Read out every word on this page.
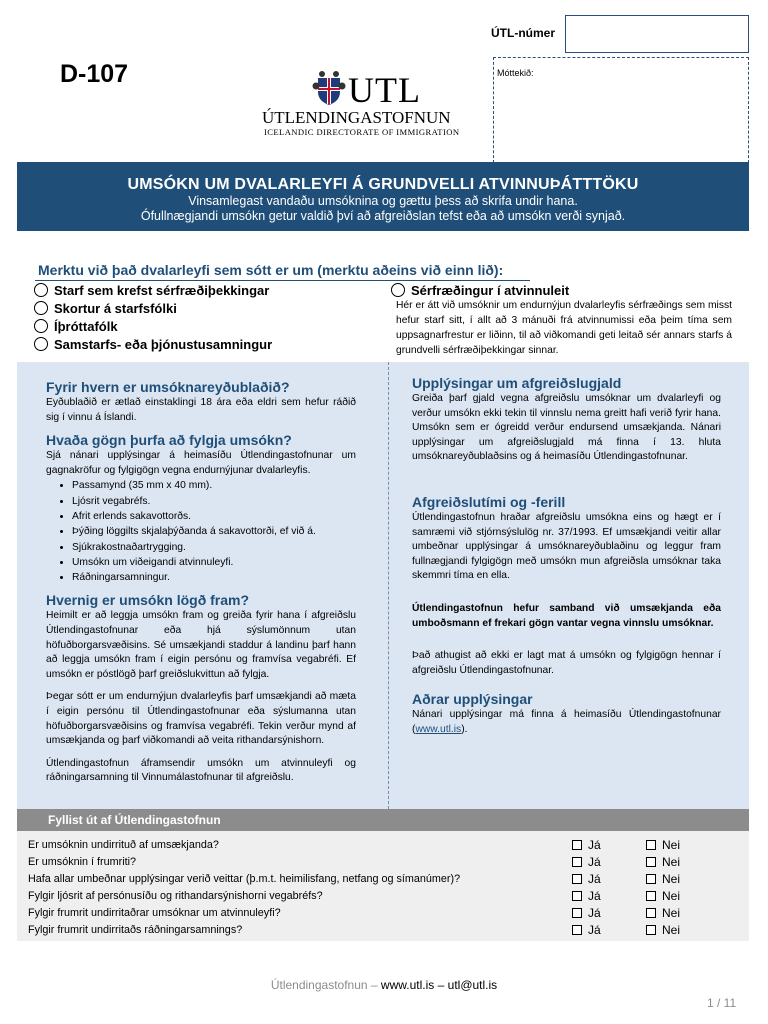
D-107
ÚTL-númer
Móttekið:
UTL
ÚTLENDINGASTOFNUN
ICELANDIC DIRECTORATE OF IMMIGRATION
UMSÓKN UM DVALARLEYFI Á GRUNDVELLI ATVINNUÞÁTTTÖKU
Vinsamlegast vandaðu umsóknina og gættu þess að skrifa undir hana.
Ófullnægjandi umsókn getur valdið því að afgreiðslan tefst eða að umsókn verði synjað.
Merktu við það dvalarleyfi sem sótt er um (merktu aðeins við einn lið):
Starf sem krefst sérfræðiþekkingar
Skortur á starfsfólki
Íþróttafólk
Samstarfs- eða þjónustusamningur
Sérfræðingur í atvinnuleit
Hér er átt við umsóknir um endurnýjun dvalarleyfis sérfræðings sem misst hefur starf sitt, í allt að 3 mánuði frá atvinnumissi eða þeim tíma sem uppsagnarfrestur er liðinn, til að viðkomandi geti leitað sér annars starfs á grundvelli sérfræðiþekkingar sinnar.
Fyrir hvern er umsóknareyðublaðið?

Eyðublaðið er ætlað einstaklingi 18 ára eða eldri sem hefur ráðið sig í vinnu á Íslandi.

Hvaða gögn þurfa að fylgja umsókn?

Sjá nánari upplýsingar á heimasíðu Útlendingastofnunar um gagnakröfur og fylgigögn vegna endurnýjunar dvalarleyfis.

• Passamynd (35 mm x 40 mm).
• Ljósrit vegabréfs.
• Afrit erlends sakavottorðs.
• Þýðing löggilts skjalaþýðanda á sakavottorði, ef við á.
• Sjúkrakostnaðartrygging.
• Umsókn um viðeigandi atvinnuleyfi.
• Ráðningarsamningur.
Hvernig er umsókn lögð fram?

Heimilt er að leggja umsókn fram og greiða fyrir hana í afgreiðslu Útlendingastofnunar eða hjá sýslumönnum utan höfuðborgarsvæðisins. Sé umsækjandi staddur á landinu þarf hann að leggja umsókn fram í eigin persónu og framvísa vegabréfi. Ef umsókn er póstlögð þarf greiðslukvittun að fylgja.

Þegar sótt er um endurnýjun dvalarleyfis þarf umsækjandi að mæta í eigin persónu til Útlendingastofnunar eða sýslumanna utan höfuðborgarsvæðisins og framvísa vegabréfi. Tekin verður mynd af umsækjanda og þarf viðkomandi að veita rithandarsýnishorn.

Útlendingastofnun áframsendir umsókn um atvinnuleyfi og ráðningarsamning til Vinnumálastofnunar til afgreiðslu.

Upplýsingar um afgreiðslugjald

Greiða þarf gjald vegna afgreiðslu umsóknar um dvalarleyfi og verður umsókn ekki tekin til vinnslu nema greitt hafi verið fyrir hana. Umsókn sem er ógreidd verður endursend umsækjanda. Nánari upplýsingar um afgreiðslugjald má finna í 13. hluta umsóknareyðublaðsins og á heimasíðu Útlendingastofnunar.

Afgreiðslutími og -ferill

Útlendingastofnun hraðar afgreiðslu umsókna eins og hægt er í samræmi við stjórnsýslulög nr. 37/1993. Ef umsækjandi veitir allar umbeðnar upplýsingar á umsóknareyðublaðinu og leggur fram fullnægjandi fylgigögn með umsókn mun afgreiðsla umsóknar taka skemmri tíma en ella.

Útlendingastofnun hefur samband við umsækjanda eða umboðsmann ef frekari gögn vantar vegna vinnslu umsóknar.

Það athugist að ekki er lagt mat á umsókn og fylgigögn hennar í afgreiðslu Útlendingastofnunar.

Aðrar upplýsingar

Nánari upplýsingar má finna á heimasíðu Útlendingastofnunar (www.utl.is).

Fyllist út af Útlendingastofnun
Er umsóknin undirrituð af umsækjanda?	Já	Nei
Er umsóknin í frumriti?	Já	Nei
Hafa allar umbeðnar upplýsingar verið veittar (þ.m.t. heimilisfang, netfang og símanúmer)?	Já	Nei
Fylgir ljósrit af persónusíðu og rithandarsýnishorni vegabréfs?	Já	Nei
Fylgir frumrit undirritaðrar umsóknar um atvinnuleyfi?	Já	Nei
Fylgir frumrit undirritaðs ráðningarsamnings?	Já	Nei
Útlendingastofnun – www.utl.is – utl@utl.is
1 / 11
